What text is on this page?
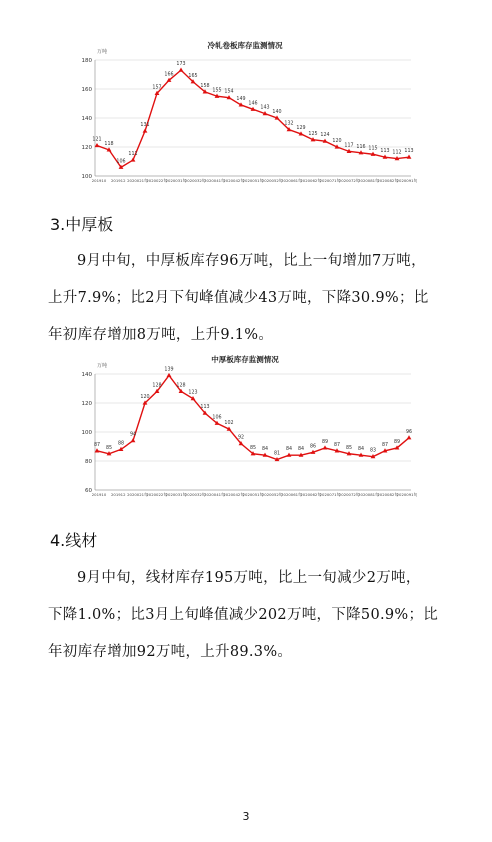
冷轧卷板库存监测情况
万吨
100
120
140
160
180
201910 201912 2020021旬
2020022旬
2020031旬
2020032旬
2020041旬
2020042旬
2020051旬
2020052旬
2020061旬
2020062旬
2020071旬
2020072旬
2020081旬
2020082旬
2020091旬
121
118
106
111
131
157
166
173
165
158
155 154
149
146
143
140
132
129
125 124
120
117 116 115
113 112 113
3.中厚板
9月中旬，中厚板库存96万吨，比上一旬增加7万吨，
上升7.9%；比2月下旬峰值减少43万吨，下降30.9%；比
年初库存增加8万吨，上升9.1%。
中厚板库存监测情况
万吨
60
80
100
120
140
201910 201912 2020021旬
2020022旬
2020031旬
2020032旬
2020041旬
2020042旬
2020051旬
2020052旬
2020061旬
2020062旬
2020071旬
2020072旬
2020081旬
2020082旬
2020091旬
87
85
88
94
120
128
139
128
123
113
106
102
92
85 84
81
84 84
86
89
87
85 84 83
87
89
96
4.线材
9月中旬，线材库存195万吨，比上一旬减少2万吨，
下降1.0%；比3月上旬峰值减少202万吨，下降50.9%；比
年初库存增加92万吨，上升89.3%。
3
